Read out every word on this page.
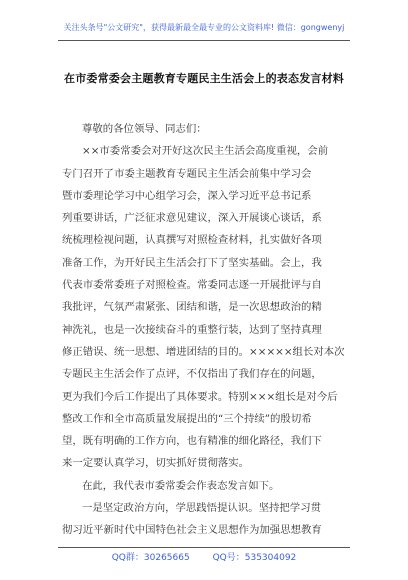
关注头条号"公文研究"，获得最新最全最专业的公文资料库! 微信：gongwenyj
在市委常委会主题教育专题民主生活会上的表态发言材料
尊敬的各位领导、同志们：
××市委常委会对开好这次民主生活会高度重视，会前
专门召开了市委主题教育专题民主生活会前集中学习会
暨市委理论学习中心组学习会，深入学习近平总书记系
列重要讲话，广泛征求意见建议，深入开展谈心谈话，系
统梳理检视问题，认真撰写对照检查材料，扎实做好各项
准备工作，为开好民主生活会打下了坚实基础。会上，我
代表市委常委班子对照检查。常委同志逐一开展批评与自
我批评，气氛严肃紧张、团结和谐，是一次思想政治的精
神洗礼，也是一次接续奋斗的重整行装，达到了坚持真理
修正错误、统一思想、增进团结的目的。×××××组长对本次
专题民主生活会作了点评，不仅指出了我们存在的问题，
更为我们今后工作提出了具体要求。特别×××组长是对今后
整改工作和全市高质量发展提出的“三个持续”的殷切希
望，既有明确的工作方向，也有精准的细化路径，我们下
来一定要认真学习，切实抓好贯彻落实。
在此，我代表市委常委会作表态发言如下。
一是坚定政治方向，学思践悟提认识。坚持把学习贯
彻习近平新时代中国特色社会主义思想作为加强思想教育
QQ群：30265665	QQ号：535304092
